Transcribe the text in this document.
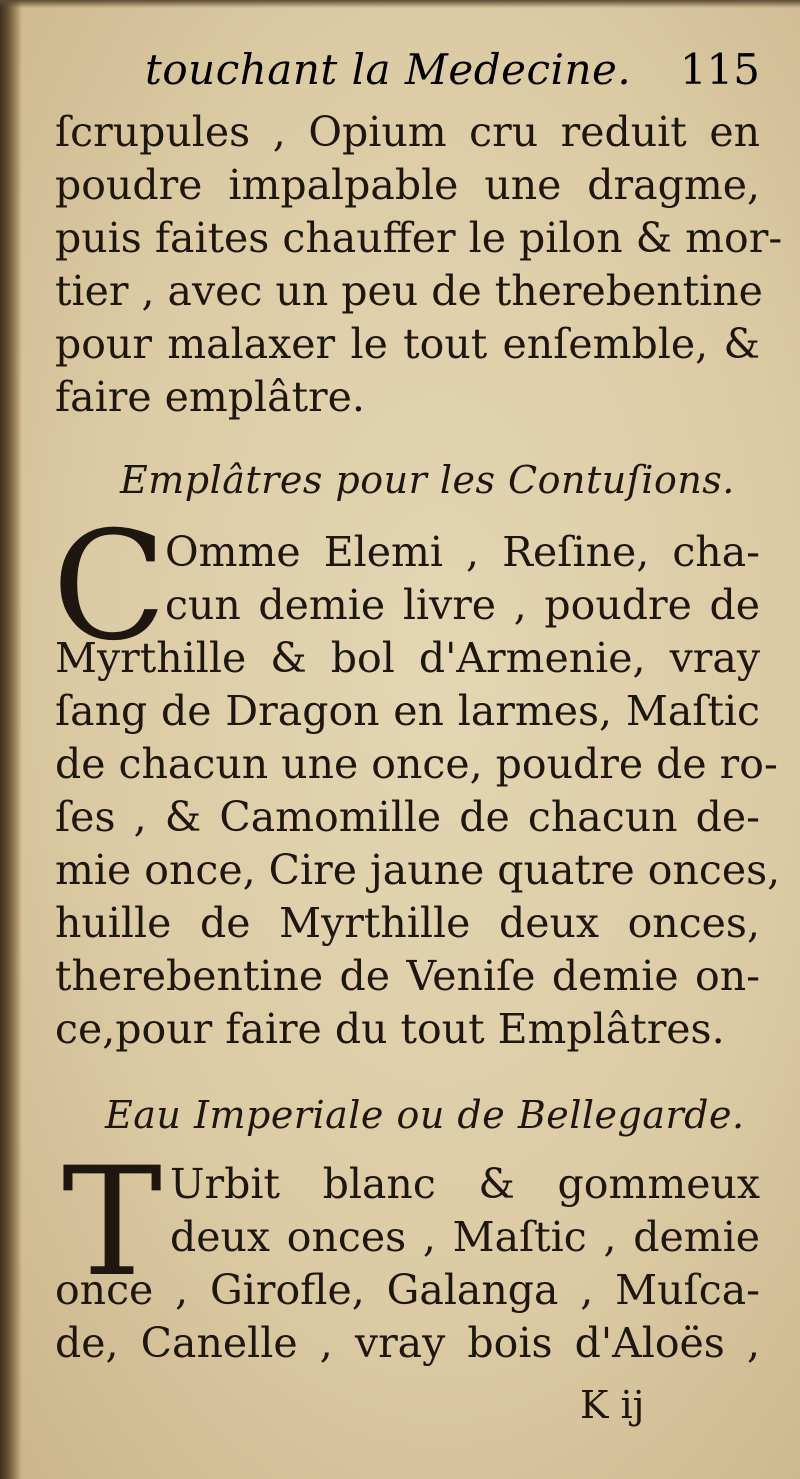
touchant la Medecine. 115
ſcrupules , Opium cru reduit en
poudre impalpable une dragme,
puis faites chauffer le pilon & mor-
tier , avec un peu de therebentine
pour malaxer le tout enſemble, &
faire emplâtre.
Emplâtres pour les Contuſions.
C
Omme Elemi , Reſine, cha-
cun demie livre , poudre de
Myrthille & bol d'Armenie, vray
ſang de Dragon en larmes, Maſtic
de chacun une once, poudre de ro-
ſes , & Camomille de chacun de-
mie once, Cire jaune quatre onces,
huille de Myrthille deux onces,
therebentine de Veniſe demie on-
ce,pour faire du tout Emplâtres.
Eau Imperiale ou de Bellegarde.
T Urbit blanc & gommeux
deux onces , Maſtic , demie
once , Girofle, Galanga , Muſca-
de, Canelle , vray bois d'Aloës ,
K ij
